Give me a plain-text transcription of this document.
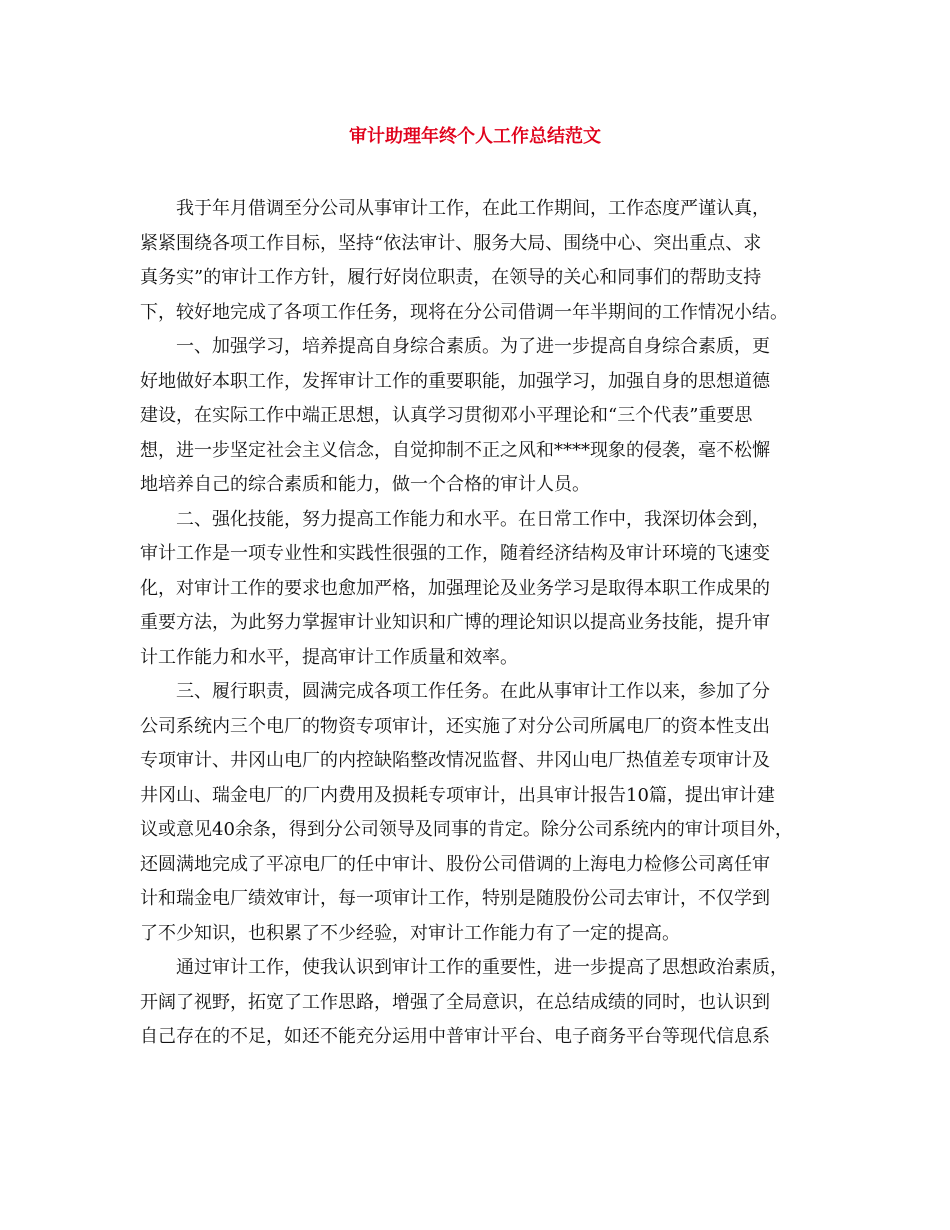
审计助理年终个人工作总结范文
我于年月借调至分公司从事审计工作，在此工作期间，工作态度严谨认真，
紧紧围绕各项工作目标，坚持“依法审计、服务大局、围绕中心、突出重点、求
真务实”的审计工作方针，履行好岗位职责，在领导的关心和同事们的帮助支持
下，较好地完成了各项工作任务，现将在分公司借调一年半期间的工作情况小结。
一、加强学习，培养提高自身综合素质。为了进一步提高自身综合素质，更
好地做好本职工作，发挥审计工作的重要职能，加强学习，加强自身的思想道德
建设，在实际工作中端正思想，认真学习贯彻邓小平理论和“三个代表”重要思
想，进一步坚定社会主义信念，自觉抑制不正之风和****现象的侵袭，毫不松懈
地培养自己的综合素质和能力，做一个合格的审计人员。
二、强化技能，努力提高工作能力和水平。在日常工作中，我深切体会到，
审计工作是一项专业性和实践性很强的工作，随着经济结构及审计环境的飞速变
化，对审计工作的要求也愈加严格，加强理论及业务学习是取得本职工作成果的
重要方法，为此努力掌握审计业知识和广博的理论知识以提高业务技能，提升审
计工作能力和水平，提高审计工作质量和效率。
三、履行职责，圆满完成各项工作任务。在此从事审计工作以来，参加了分
公司系统内三个电厂的物资专项审计，还实施了对分公司所属电厂的资本性支出
专项审计、井冈山电厂的内控缺陷整改情况监督、井冈山电厂热值差专项审计及
井冈山、瑞金电厂的厂内费用及损耗专项审计，出具审计报告10篇，提出审计建
议或意见40余条，得到分公司领导及同事的肯定。除分公司系统内的审计项目外，
还圆满地完成了平凉电厂的任中审计、股份公司借调的上海电力检修公司离任审
计和瑞金电厂绩效审计，每一项审计工作，特别是随股份公司去审计，不仅学到
了不少知识，也积累了不少经验，对审计工作能力有了一定的提高。
通过审计工作，使我认识到审计工作的重要性，进一步提高了思想政治素质，
开阔了视野，拓宽了工作思路，增强了全局意识，在总结成绩的同时，也认识到
自己存在的不足，如还不能充分运用中普审计平台、电子商务平台等现代信息系
